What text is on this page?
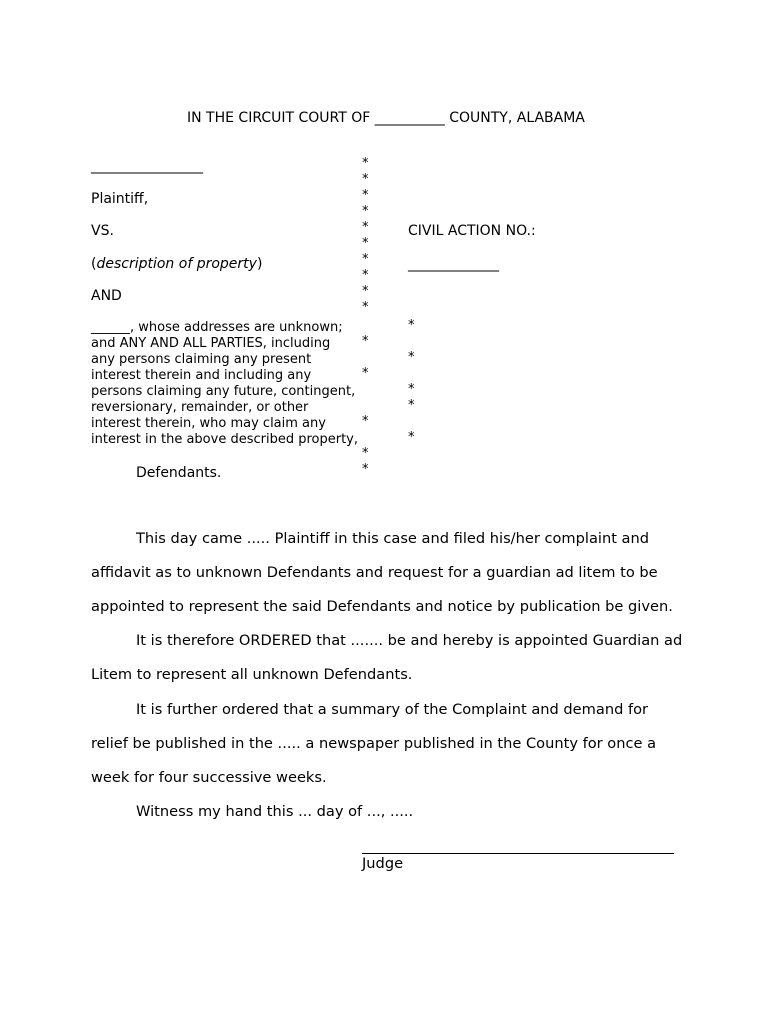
IN THE CIRCUIT COURT OF __________ COUNTY, ALABAMA
________________
Plaintiff,
VS.
(description of property)
AND
______, whose addresses are unknown;
and ANY AND ALL PARTIES, including
any persons claiming any present
interest therein and including any
persons claiming any future, contingent,
reversionary, remainder, or other
interest therein, who may claim any
interest in the above described property,
Defendants.
*
*
*
*
*
*
*
*
*
*
*
*
*
*
*
*
*
*
*
*
CIVIL ACTION NO.:
_____________
This day came ..... Plaintiff in this case and filed his/her complaint and
affidavit as to unknown Defendants and request for a guardian ad litem to be
appointed to represent the said Defendants and notice by publication be given.
It is therefore ORDERED that ....... be and hereby is appointed Guardian ad
Litem to represent all unknown Defendants.
It is further ordered that a summary of the Complaint and demand for
relief be published in the ..... a newspaper published in the County for once a
week for four successive weeks.
Witness my hand this ... day of ..., .....
Judge
